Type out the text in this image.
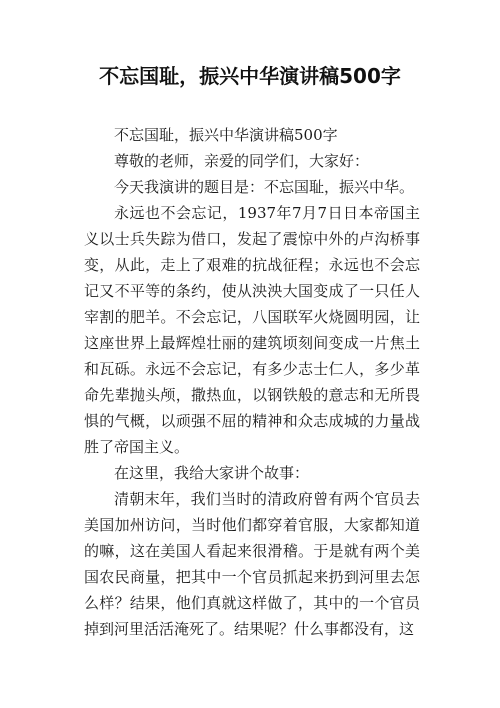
不忘国耻，振兴中华演讲稿500字

不忘国耻，振兴中华演讲稿500字

尊敬的老师，亲爱的同学们，大家好：

今天我演讲的题目是：不忘国耻，振兴中华。

永远也不会忘记，1937年7月7日日本帝国主义以士兵失踪为借口，发起了震惊中外的卢沟桥事变，从此，走上了艰难的抗战征程；永远也不会忘记又不平等的条约，使从泱泱大国变成了一只任人宰割的肥羊。不会忘记，八国联军火烧圆明园，让这座世界上最辉煌壮丽的建筑顷刻间变成一片焦土和瓦砾。永远不会忘记，有多少志士仁人，多少革命先辈抛头颅，撒热血，以钢铁般的意志和无所畏惧的气概，以顽强不屈的精神和众志成城的力量战胜了帝国主义。

在这里，我给大家讲个故事：

清朝末年，我们当时的清政府曾有两个官员去美国加州访问，当时他们都穿着官服，大家都知道的嘛，这在美国人看起来很滑稽。于是就有两个美国农民商量，把其中一个官员抓起来扔到河里去怎么样？结果，他们真就这样做了，其中的一个官员掉到河里活活淹死了。结果呢？什么事都没有，这
